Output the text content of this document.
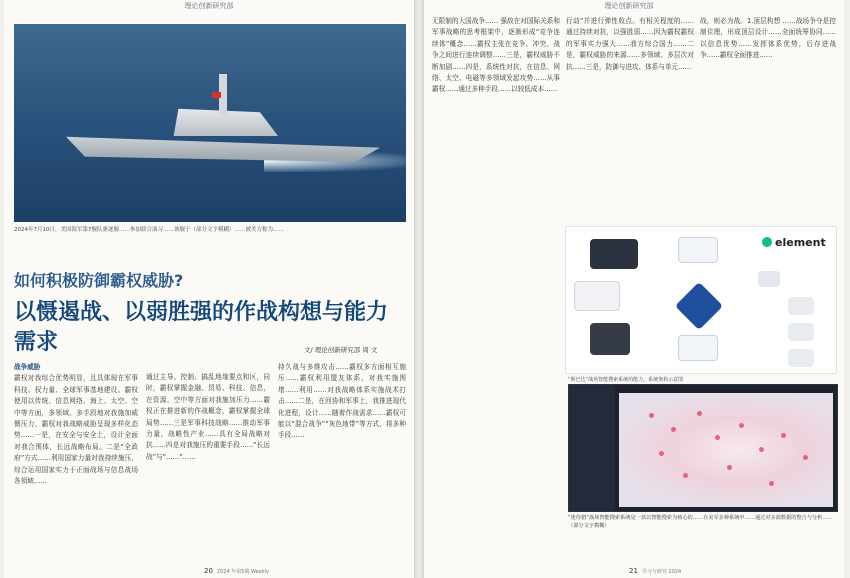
理论创新研究部
2024年7月10日，美国海军第7舰队驱逐舰……参加联合演习……该舰于（部分文字模糊）……被美方称为……
如何积极防御霸权威胁?
以慑遏战、以弱胜强的作战构想与能力需求	文/ 理论创新研究部 周 文
战争威胁
霸权对我综合优势明显，且具体现在军事科技、权力量、全球军事基地建设。霸权使用以传统、信息网络、海上、太空、空中等方面，多领域、多手段地对我施加威慑压力，霸权对我战略威胁呈现多样化态势……一是，在安全与安全上，设计全面对我合围体，长远战略布局。二是“全政府”方式……利用国家力量对我持续施压，综合运用国家实力于正面战场与信息战场各领域……
通过主导、控制、搞乱地缘要点和区，同时，霸权掌握金融、贸易、科技、信息，在资源、空中等方面对我施加压力……霸权正在推进新的作战概念，霸权掌握全球局势……三是军事科技战略……推动军事力量，战略性产业……具有全局战略对抗……四是对我施压的重要手段……“长远战”与“……”……
持久战与多维攻击……霸权多方面相互施压……霸权利用盟友体系，对我实施围堵……利用……对我战略体系实施战术打击……二是，在回协和军事上，我推进现代化进程，设计……随着作战需求……霸权可能以“混合战争”“灰色地带”等方式，将多种手段……
20 2024 年第5期 Weekly
理论创新研究部
无限制的大国战争…… 强敌在对国际关系和军事战略的思考框架中，逐渐形成“竞争连续体”概念……霸权主张在竞争、冲突、战争之间进行连续调整……三是，霸权威胁不断加剧……四是，系统性对抗，在信息、网络、太空、电磁等多领域发起攻势……从事霸权……通过多种手段……以较低成本……
行动”并进行弹性收点。有相关程度的……通过持续对抗，以强胜弱……因为霸权霸权的军事实力强大……我方综合国力……二是，霸权威胁的来源……多领域、多层次对抗……三是，防御与进攻、体系与单元……
战，则必为战。1.顶层构想 ……战场争夺是控制住理，形成顶层设计……全面统筹协同……以信息优势……发挥体系优势，后存进战争……霸权全面推进……
21 学习与研究 2024
element
“斯巴达”战场智能搜索系统的能力，系统架构示意图
“迷你猎”战场智能搜索系统是一款以智能搜索为核心的……在美军多种系统中……通过对多源数据的整合与分析……（部分文字模糊）
